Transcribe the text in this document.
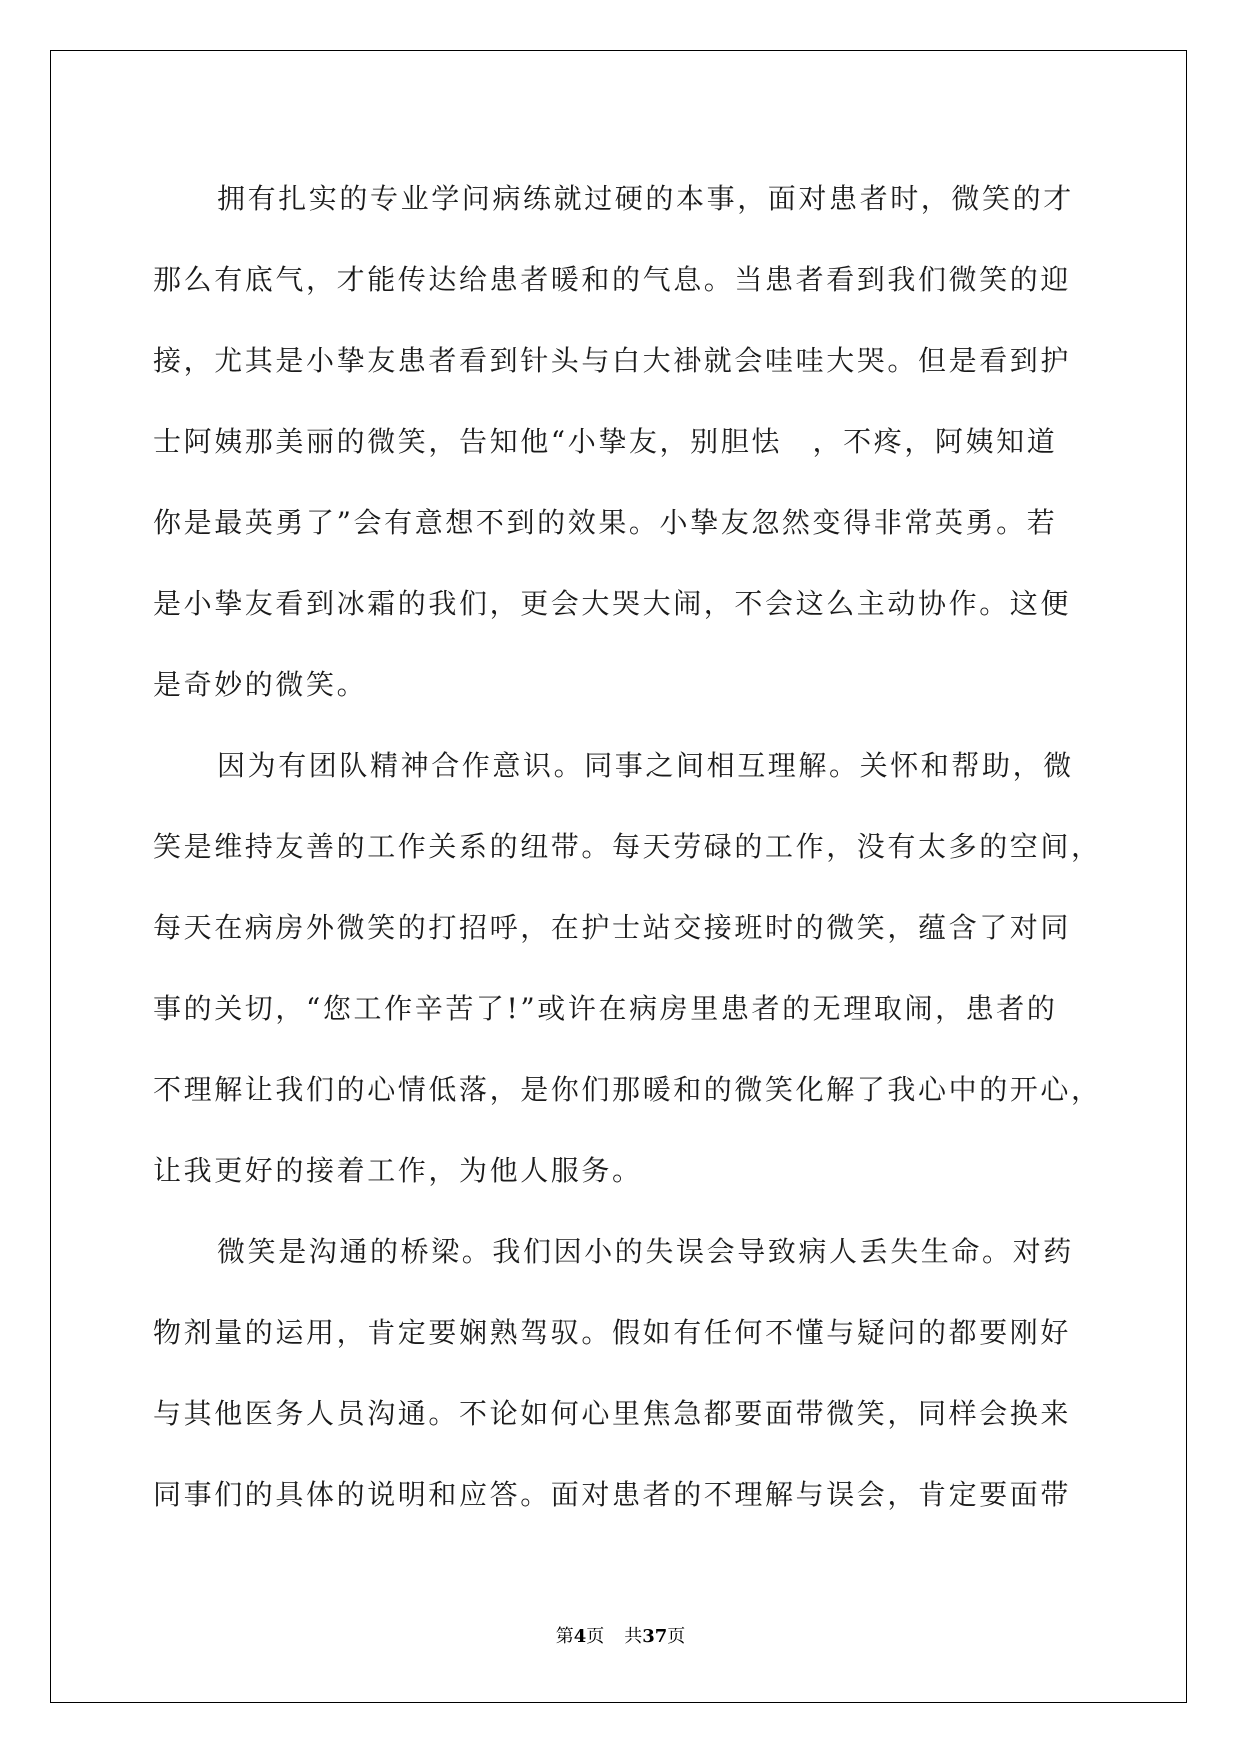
拥有扎实的专业学问病练就过硬的本事，面对患者时，微笑的才
那么有底气，才能传达给患者暖和的气息。当患者看到我们微笑的迎
接，尤其是小挚友患者看到针头与白大褂就会哇哇大哭。但是看到护
士阿姨那美丽的微笑，告知他“小挚友，别胆怯　，不疼，阿姨知道
你是最英勇了”会有意想不到的效果。小挚友忽然变得非常英勇。若
是小挚友看到冰霜的我们，更会大哭大闹，不会这么主动协作。这便
是奇妙的微笑。
因为有团队精神合作意识。同事之间相互理解。关怀和帮助，微
笑是维持友善的工作关系的纽带。每天劳碌的工作，没有太多的空间，
每天在病房外微笑的打招呼，在护士站交接班时的微笑，蕴含了对同
事的关切，“您工作辛苦了!”或许在病房里患者的无理取闹，患者的
不理解让我们的心情低落，是你们那暖和的微笑化解了我心中的开心，
让我更好的接着工作，为他人服务。
微笑是沟通的桥梁。我们因小的失误会导致病人丢失生命。对药
物剂量的运用，肯定要娴熟驾驭。假如有任何不懂与疑问的都要刚好
与其他医务人员沟通。不论如何心里焦急都要面带微笑，同样会换来
同事们的具体的说明和应答。面对患者的不理解与误会，肯定要面带
第4页 共37页
